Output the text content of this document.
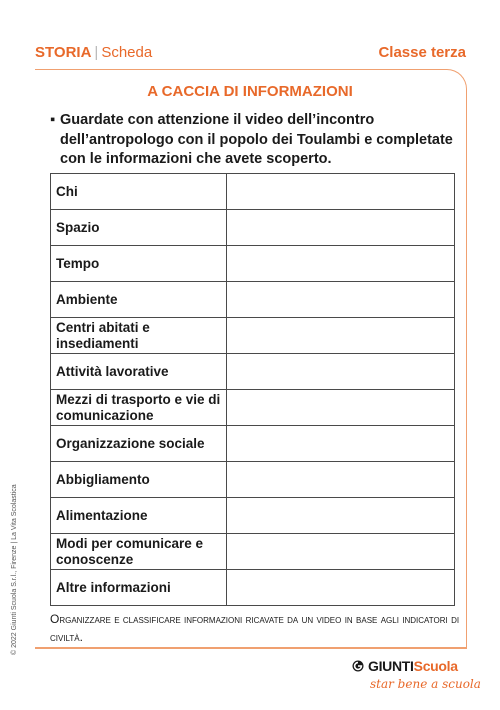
STORIA | Scheda	Classe terza
A CACCIA DI INFORMAZIONI
▪ Guardate con attenzione il video dell’incontro dell’antropologo con il popolo dei Toulambi e completate con le informazioni che avete scoperto.
Chi	
Spazio	
Tempo	
Ambiente	
Centri abitati e insediamenti	
Attività lavorative	
Mezzi di trasporto e vie di comunicazione	
Organizzazione sociale	
Abbigliamento	
Alimentazione	
Modi per comunicare e conoscenze	
Altre informazioni	
Organizzare e classificare informazioni ricavate da un video in base agli indicatori di civiltà.
© 2022 Giunti Scuola S.r.l., Firenze | La Vita Scolastica
GIUNTIScuola
star bene a scuola
